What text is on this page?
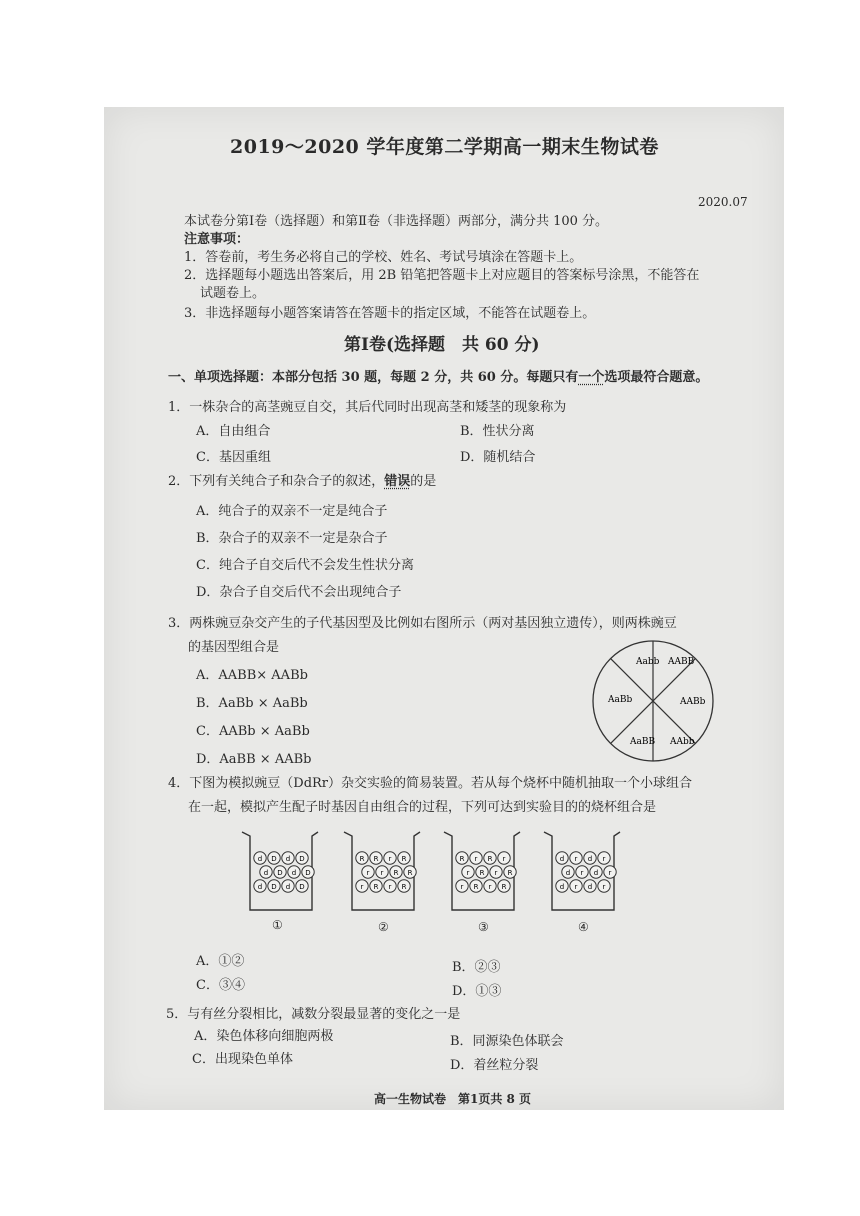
2019～2020 学年度第二学期高一期末生物试卷
2020.07
本试卷分第Ⅰ卷（选择题）和第Ⅱ卷（非选择题）两部分，满分共 100 分。
注意事项：
1．答卷前，考生务必将自己的学校、姓名、考试号填涂在答题卡上。
2．选择题每小题选出答案后，用 2B 铅笔把答题卡上对应题目的答案标号涂黑，不能答在
试题卷上。
3．非选择题每小题答案请答在答题卡的指定区域，不能答在试题卷上。
第Ⅰ卷(选择题　共 60 分)
一、单项选择题：本部分包括 30 题，每题 2 分，共 60 分。每题只有一个选项最符合题意。
1．一株杂合的高茎豌豆自交，其后代同时出现高茎和矮茎的现象称为
A．自由组合	B．性状分离
C．基因重组	D．随机结合
2．下列有关纯合子和杂合子的叙述，错误的是
A．纯合子的双亲不一定是纯合子
B．杂合子的双亲不一定是杂合子
C．纯合子自交后代不会发生性状分离
D．杂合子自交后代不会出现纯合子
3．两株豌豆杂交产生的子代基因型及比例如右图所示（两对基因独立遗传），则两株豌豆
的基因型组合是
A．AABB× AABb
B．AaBb × AaBb
C．AABb × AaBb
D．AaBB × AABb
Aabb AABB
AABb
AAbb
AaBB
AaBb
4．下图为模拟豌豆（DdRr）杂交实验的简易装置。若从每个烧杯中随机抽取一个小球组合
在一起，模拟产生配子时基因自由组合的过程，下列可达到实验目的的烧杯组合是
d D d D
d D d D
d D d D
R R r R
r r R R
r R r R
R r R r
r R r R
r R r R
d r d r
d r d r
d r d r
①	②	③	④
A．①②	B．②③
C．③④	D．①③
5．与有丝分裂相比，减数分裂最显著的变化之一是
A．染色体移向细胞两极	B．同源染色体联会
C．出现染色单体	D．着丝粒分裂
高一生物试卷　第1页共 8 页
